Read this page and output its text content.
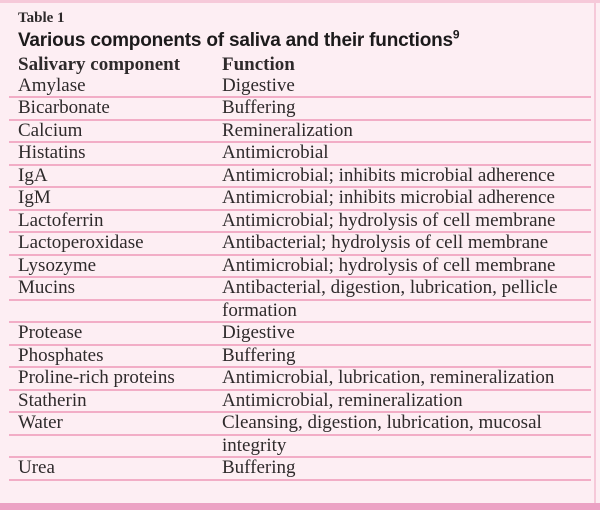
Table 1
Various components of saliva and their functions$^9$
Salivary component	Function
Amylase	Digestive
Bicarbonate	Buffering
Calcium	Remineralization
Histatins	Antimicrobial
IgA	Antimicrobial; inhibits microbial adherence
IgM	Antimicrobial; inhibits microbial adherence
Lactoferrin	Antimicrobial; hydrolysis of cell membrane
Lactoperoxidase	Antibacterial; hydrolysis of cell membrane
Lysozyme	Antimicrobial; hydrolysis of cell membrane
Mucins	Antibacterial, digestion, lubrication, pellicle
formation
Protease	Digestive
Phosphates	Buffering
Proline-rich proteins	Antimicrobial, lubrication, remineralization
Statherin	Antimicrobial, remineralization
Water	Cleansing, digestion, lubrication, mucosal
integrity
Urea	Buffering
